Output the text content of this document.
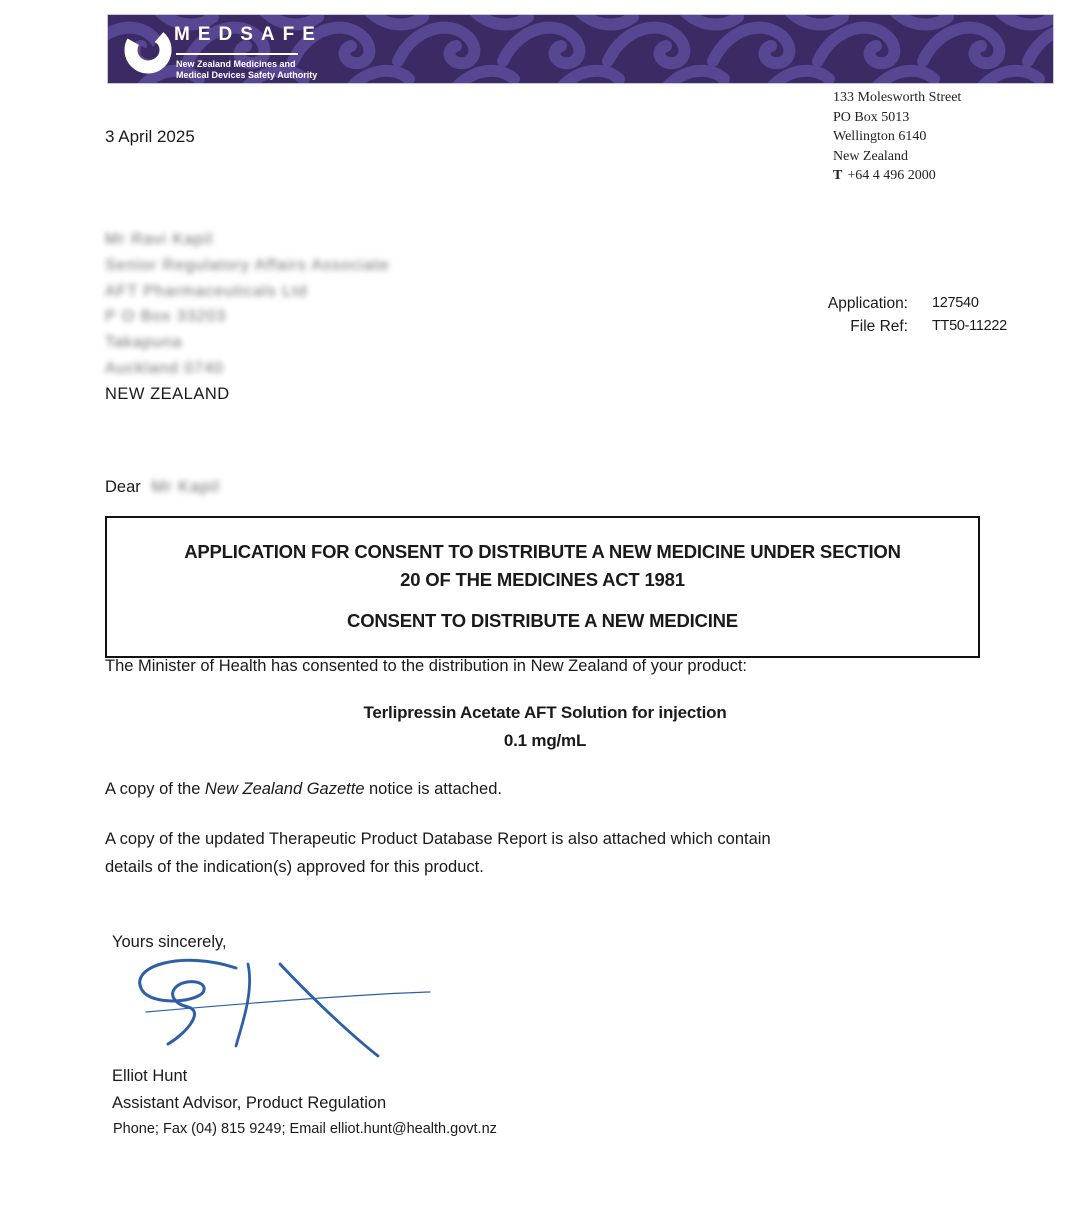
MEDSAFE
New Zealand Medicines and
Medical Devices Safety Authority
133 Molesworth Street
PO Box 5013
Wellington 6140
New Zealand
T +64 4 496 2000
3 April 2025
Mr Ravi Kapil
Senior Regulatory Affairs Associate
AFT Pharmaceuticals Ltd
P O Box 33203
Takapuna
Auckland 0740
NEW ZEALAND
Application: 127540
File Ref: TT50-11222
Dear Mr Kapil
APPLICATION FOR CONSENT TO DISTRIBUTE A NEW MEDICINE UNDER SECTION
20 OF THE MEDICINES ACT 1981
CONSENT TO DISTRIBUTE A NEW MEDICINE
The Minister of Health has consented to the distribution in New Zealand of your product:
Terlipressin Acetate AFT Solution for injection
0.1 mg/mL
A copy of the New Zealand Gazette notice is attached.
A copy of the updated Therapeutic Product Database Report is also attached which contain
details of the indication(s) approved for this product.
Yours sincerely,
Elliot Hunt
Assistant Advisor, Product Regulation
Phone; Fax (04) 815 9249; Email elliot.hunt@health.govt.nz
